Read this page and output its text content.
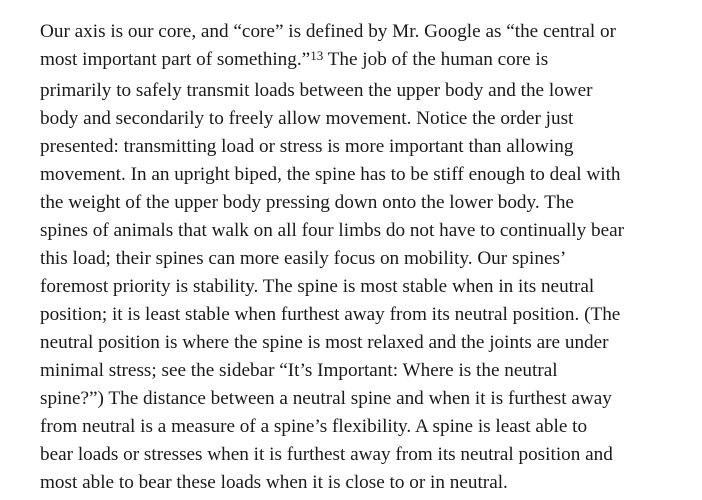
Our axis is our core, and “core” is defined by Mr. Google as “the central or
most important part of something.”$^{13}$ The job of the human core is
primarily to safely transmit loads between the upper body and the lower
body and secondarily to freely allow movement. Notice the order just
presented: transmitting load or stress is more important than allowing
movement. In an upright biped, the spine has to be stiff enough to deal with
the weight of the upper body pressing down onto the lower body. The
spines of animals that walk on all four limbs do not have to continually bear
this load; their spines can more easily focus on mobility. Our spines’
foremost priority is stability. The spine is most stable when in its neutral
position; it is least stable when furthest away from its neutral position. (The
neutral position is where the spine is most relaxed and the joints are under
minimal stress; see the sidebar “It’s Important: Where is the neutral
spine?”) The distance between a neutral spine and when it is furthest away
from neutral is a measure of a spine’s flexibility. A spine is least able to
bear loads or stresses when it is furthest away from its neutral position and
most able to bear these loads when it is close to or in neutral.
